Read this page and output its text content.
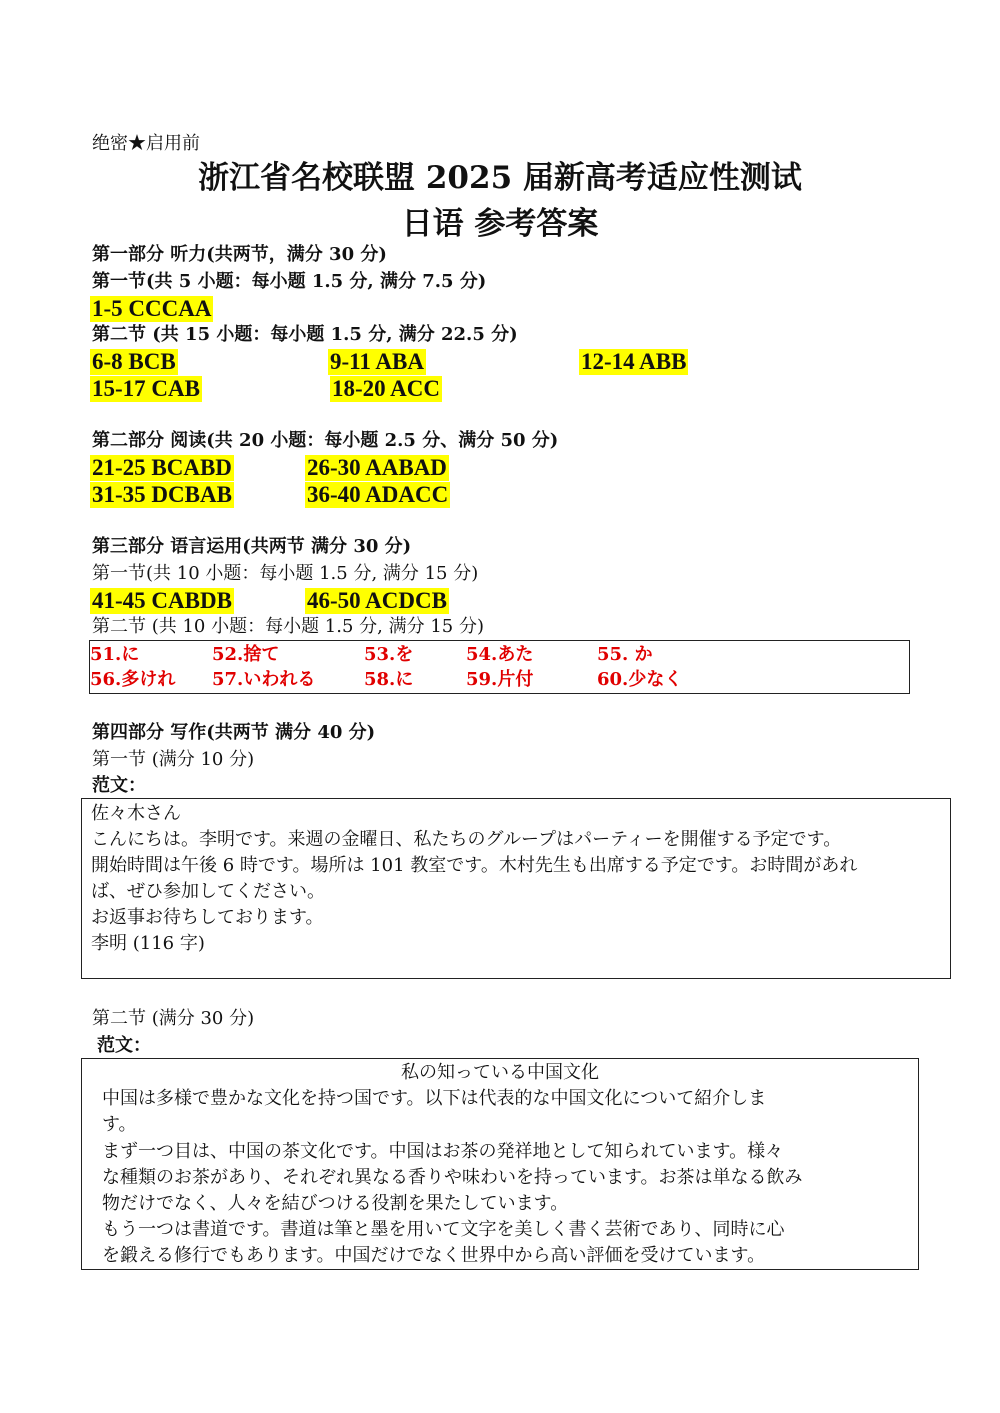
绝密★启用前
浙江省名校联盟 2025 届新高考适应性测试
日语 参考答案
第一部分 听力(共两节，满分 30 分)
第一节(共 5 小题：每小题 1.5 分, 满分 7.5 分)
1-5 CCCAA
第二节 (共 15 小题：每小题 1.5 分, 满分 22.5 分)
6-8 BCB	9-11 ABA	12-14 ABB
15-17 CAB	18-20 ACC
第二部分 阅读(共 20 小题：每小题 2.5 分、满分 50 分)
21-25 BCABD	26-30 AABAD
31-35 DCBAB	36-40 ADACC
第三部分 语言运用(共两节 满分 30 分)
第一节(共 10 小题：每小题 1.5 分, 满分 15 分)
41-45 CABDB	46-50 ACDCB
第二节 (共 10 小题：每小题 1.5 分, 满分 15 分)
51.に	52.捨て	53.を	54.あた	55. か
56.多けれ 57.いわれる	58.に	59.片付	60.少なく
第四部分 写作(共两节 满分 40 分)
第一节 (满分 10 分)
范文：
佐々木さん
こんにちは。李明です。来週の金曜日、私たちのグループはパーティーを開催する予定です。
開始時間は午後 6 時です。場所は 101 教室です。木村先生も出席する予定です。お時間があれ
ば、ぜひ参加してください。
お返事お待ちしております。
李明 (116 字)
第二节 (满分 30 分)
范文：
私の知っている中国文化
中国は多様で豊かな文化を持つ国です。以下は代表的な中国文化について紹介しま
す。
まず一つ目は、中国の茶文化です。中国はお茶の発祥地として知られています。様々
な種類のお茶があり、それぞれ異なる香りや味わいを持っています。お茶は単なる飲み
物だけでなく、人々を結びつける役割を果たしています。
もう一つは書道です。書道は筆と墨を用いて文字を美しく書く芸術であり、同時に心
を鍛える修行でもあります。中国だけでなく世界中から高い評価を受けています。
